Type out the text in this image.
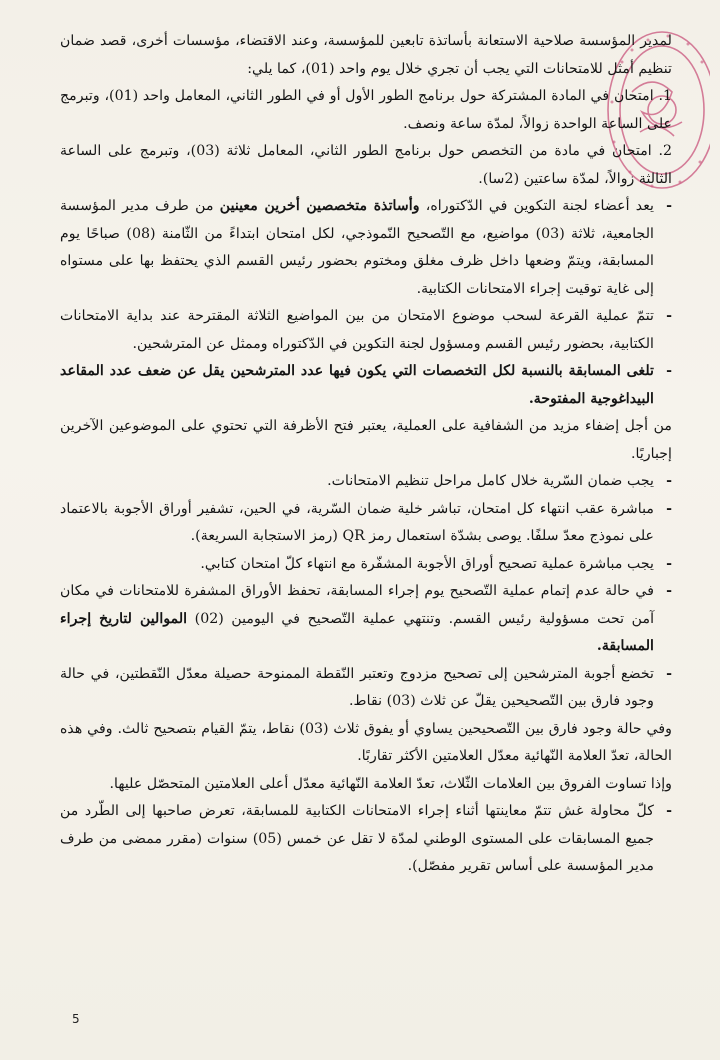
لمدير المؤسسة صلاحية الاستعانة بأساتذة تابعين للمؤسسة، وعند الاقتضاء، مؤسسات أخرى، قصد ضمان تنظيم أمثل للامتحانات التي يجب أن تجري خلال يوم واحد (01)، كما يلي:

1. امتحان في المادة المشتركة حول برنامج الطور الأول أو في الطور الثاني، المعامل واحد (01)، وتبرمج على الساعة الواحدة زوالاً، لمدّة ساعة ونصف.

2. امتحان في مادة من التخصص حول برنامج الطور الثاني، المعامل ثلاثة (03)، وتبرمج على الساعة الثالثة زوالاً، لمدّة ساعتين (2سا).

- يعد أعضاء لجنة التكوين في الدّكتوراه، وأساتذة متخصصين أخرين معينين من طرف مدير المؤسسة الجامعية، ثلاثة (03) مواضيع، مع التّصحيح النّموذجي، لكل امتحان ابتداءً من الثّامنة (08) صباحًا يوم المسابقة، ويتمّ وضعها داخل ظرف مغلق ومختوم بحضور رئيس القسم الذي يحتفظ بها على مستواه إلى غاية توقيت إجراء الامتحانات الكتابية.

- تتمّ عملية القرعة لسحب موضوع الامتحان من بين المواضيع الثلاثة المقترحة عند بداية الامتحانات الكتابية، بحضور رئيس القسم ومسؤول لجنة التكوين في الدّكتوراه وممثل عن المترشحين.

- تلغى المسابقة بالنسبة لكل التخصصات التي يكون فيها عدد المترشحين يقل عن ضعف عدد المقاعد البيداغوجية المفتوحة.

من أجل إضفاء مزيد من الشفافية على العملية، يعتبر فتح الأظرفة التي تحتوي على الموضوعين الآخرين إجباريًا.

- يجب ضمان السّرية خلال كامل مراحل تنظيم الامتحانات.

- مباشرة عقب انتهاء كل امتحان، تباشر خلية ضمان السّرية، في الحين، تشفير أوراق الأجوبة بالاعتماد على نموذج معدّ سلفًا. يوصى بشدّة استعمال رمز QR (رمز الاستجابة السريعة).

- يجب مباشرة عملية تصحيح أوراق الأجوبة المشفّرة مع انتهاء كلّ امتحان كتابي.

- في حالة عدم إتمام عملية التّصحيح يوم إجراء المسابقة، تحفظ الأوراق المشفرة للامتحانات في مكان آمن تحت مسؤولية رئيس القسم. وتنتهي عملية التّصحيح في اليومين (02) الموالين لتاريخ إجراء المسابقة.

- تخضع أجوبة المترشحين إلى تصحيح مزدوج وتعتبر النّقطة الممنوحة حصيلة معدّل النّقطتين، في حالة وجود فارق بين التّصحيحين يقلّ عن ثلاث (03) نقاط.

وفي حالة وجود فارق بين التّصحيحين يساوي أو يفوق ثلاث (03) نقاط، يتمّ القيام بتصحيح ثالث. وفي هذه الحالة، تعدّ العلامة النّهائية معدّل العلامتين الأكثر تقاربًا.

وإذا تساوت الفروق بين العلامات الثّلاث، تعدّ العلامة النّهائية معدّل أعلى العلامتين المتحصّل عليها.

- كلّ محاولة غش تتمّ معاينتها أثناء إجراء الامتحانات الكتابية للمسابقة، تعرض صاحبها إلى الطّرد من جميع المسابقات على المستوى الوطني لمدّة لا تقل عن خمس (05) سنوات (مقرر ممضى من طرف مدير المؤسسة على أساس تقرير مفصّل).

5
